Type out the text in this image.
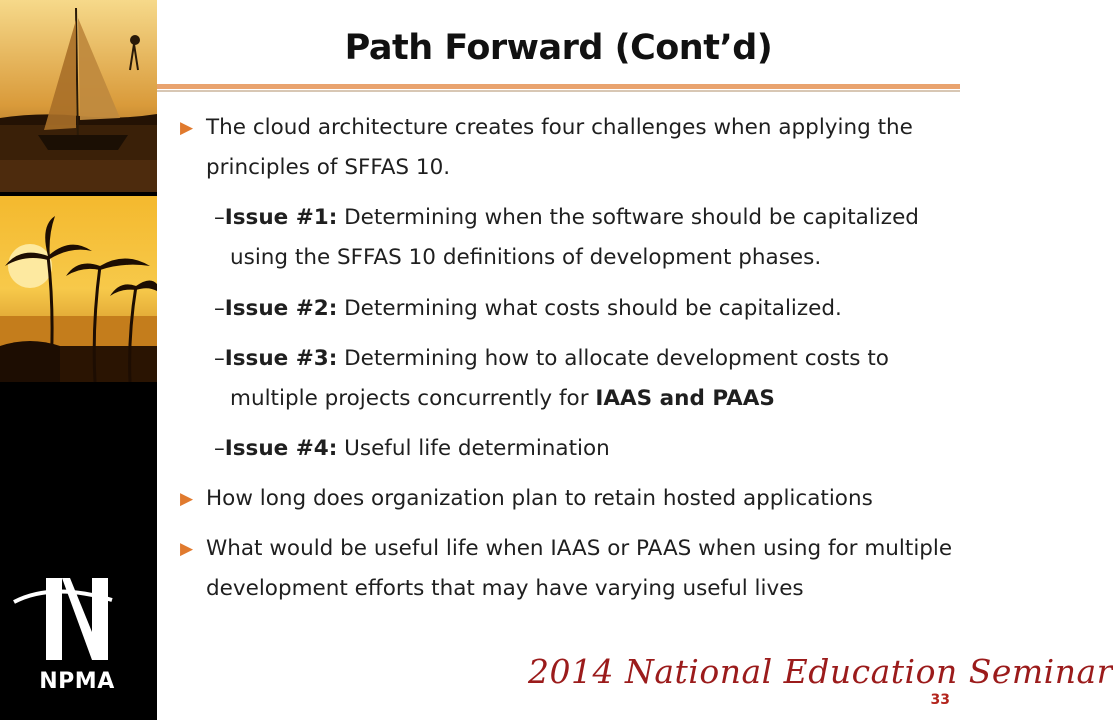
NPMA
Path Forward (Cont’d)
▶ The cloud architecture creates four challenges when applying the principles of SFFAS 10.
–Issue #1: Determining when the software should be capitalized using the SFFAS 10 definitions of development phases.
–Issue #2: Determining what costs should be capitalized.
–Issue #3: Determining how to allocate development costs to multiple projects concurrently for IAAS and PAAS
–Issue #4: Useful life determination
▶ How long does organization plan to retain hosted applications
▶ What would be useful life when IAAS or PAAS when using for multiple development efforts that may have varying useful lives
2014 National Education Seminar
33
